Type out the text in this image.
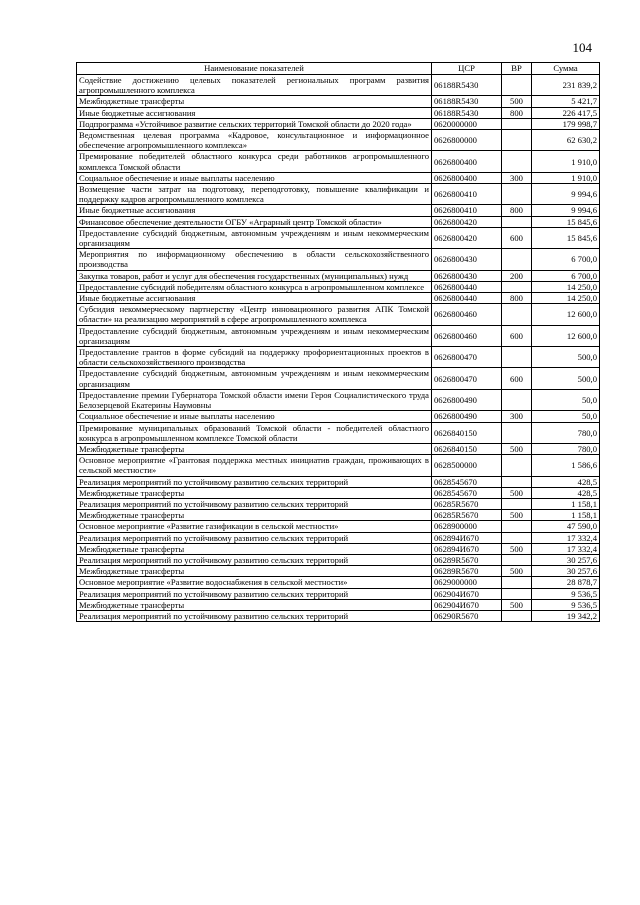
104
Наименование показателей	ЦСР	ВР	Сумма
Содействие достижению целевых показателей региональных программ развития агропромышленного комплекса	06188R5430		231 839,2
Межбюджетные трансферты	06188R5430	500	5 421,7
Иные бюджетные ассигнования	06188R5430	800	226 417,5
Подпрограмма «Устойчивое развитие сельских территорий Томской области до 2020 года»	0620000000		179 998,7
Ведомственная целевая программа «Кадровое, консультационное и информационное обеспечение агропромышленного комплекса»	0626800000		62 630,2
Премирование победителей областного конкурса среди работников агропромышленного комплекса Томской области	0626800400		1 910,0
Социальное обеспечение и иные выплаты населению	0626800400	300	1 910,0
Возмещение части затрат на подготовку, переподготовку, повышение квалификации и поддержку кадров агропромышленного комплекса	0626800410		9 994,6
Иные бюджетные ассигнования	0626800410	800	9 994,6
Финансовое обеспечение деятельности ОГБУ «Аграрный центр Томской области»	0626800420		15 845,6
Предоставление субсидий бюджетным, автономным учреждениям и иным некоммерческим организациям	0626800420	600	15 845,6
Мероприятия по информационному обеспечению в области сельскохозяйственного производства	0626800430		6 700,0
Закупка товаров, работ и услуг для обеспечения государственных (муниципальных) нужд	0626800430	200	6 700,0
Предоставление субсидий победителям областного конкурса в агропромышленном комплексе	0626800440		14 250,0
Иные бюджетные ассигнования	0626800440	800	14 250,0
Субсидия некоммерческому партнерству «Центр инновационного развития АПК Томской области» на реализацию мероприятий в сфере агропромышленного комплекса	0626800460		12 600,0
Предоставление субсидий бюджетным, автономным учреждениям и иным некоммерческим организациям	0626800460	600	12 600,0
Предоставление грантов в форме субсидий на поддержку профориентационных проектов в области сельскохозяйственного производства	0626800470		500,0
Предоставление субсидий бюджетным, автономным учреждениям и иным некоммерческим организациям	0626800470	600	500,0
Предоставление премии Губернатора Томской области имени Героя Социалистического труда Белозерцевой Екатерины Наумовны	0626800490		50,0
Социальное обеспечение и иные выплаты населению	0626800490	300	50,0
Премирование муниципальных образований Томской области - победителей областного конкурса в агропромышленном комплексе Томской области	0626840150		780,0
Межбюджетные трансферты	0626840150	500	780,0
Основное мероприятие «Грантовая поддержка местных инициатив граждан, проживающих в сельской местности»	0628500000		1 586,6
Реализация мероприятий по устойчивому развитию сельских территорий	0628545670		428,5
Межбюджетные трансферты	0628545670	500	428,5
Реализация мероприятий по устойчивому развитию сельских территорий	06285R5670		1 158,1
Межбюджетные трансферты	06285R5670	500	1 158,1
Основное мероприятие «Развитие газификации в сельской местности»	0628900000		47 590,0
Реализация мероприятий по устойчивому развитию сельских территорий	062894И670		17 332,4
Межбюджетные трансферты	062894И670	500	17 332,4
Реализация мероприятий по устойчивому развитию сельских территорий	06289R5670		30 257,6
Межбюджетные трансферты	06289R5670	500	30 257,6
Основное мероприятие «Развитие водоснабжения в сельской местности»	0629000000		28 878,7
Реализация мероприятий по устойчивому развитию сельских территорий	062904И670		9 536,5
Межбюджетные трансферты	062904И670	500	9 536,5
Реализация мероприятий по устойчивому развитию сельских территорий	06290R5670		19 342,2
